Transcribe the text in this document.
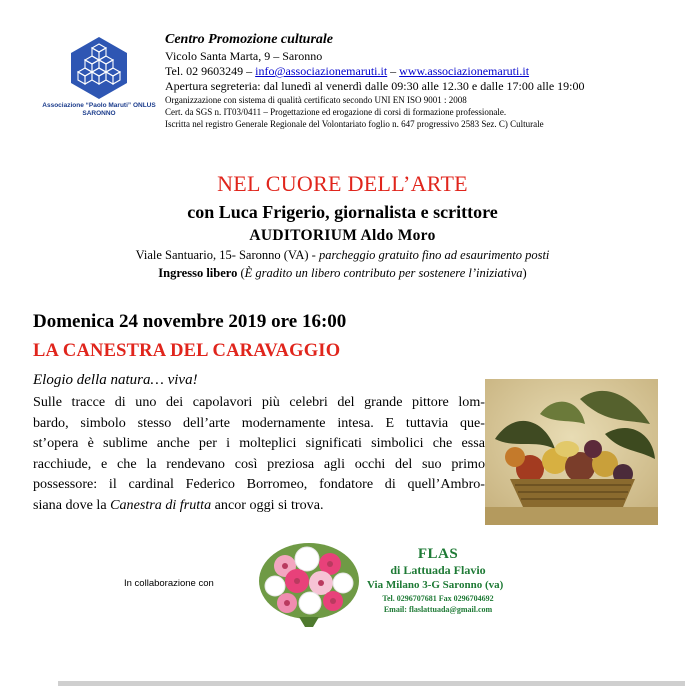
Associazione “Paolo Maruti” ONLUS
SARONNO
Centro Promozione culturale
Vicolo Santa Marta, 9 – Saronno
Tel. 02 9603249 – info@associazionemaruti.it – www.associazionemaruti.it
Apertura segreteria: dal lunedì al venerdì dalle 09:30 alle 12.30 e dalle 17:00 alle 19:00
Organizzazione con sistema di qualità certificato secondo UNI EN ISO 9001 : 2008
Cert. da SGS n. IT03/0411 – Progettazione ed erogazione di corsi di formazione professionale.
Iscritta nel registro Generale Regionale del Volontariato foglio n. 647 progressivo 2583 Sez. C) Culturale
NEL CUORE DELL’ARTE
con Luca Frigerio, giornalista e scrittore
AUDITORIUM Aldo Moro
Viale Santuario, 15- Saronno (VA) - parcheggio gratuito fino ad esaurimento posti
Ingresso libero (È gradito un libero contributo per sostenere l’iniziativa)
Domenica 24 novembre 2019 ore 16:00
LA CANESTRA DEL CARAVAGGIO
Elogio della natura… viva!
Sulle tracce di uno dei capolavori più celebri del grande pittore lom-
bardo, simbolo stesso dell’arte modernamente intesa. E tuttavia que-
st’opera è sublime anche per i molteplici significati simbolici che essa
racchiude, e che la rendevano così preziosa agli occhi del suo primo
possessore: il cardinal Federico Borromeo, fondatore di quell’Ambro-
siana dove la Canestra di frutta ancor oggi si trova.
In collaborazione con
FLAS
di Lattuada Flavio
Via Milano 3-G Saronno (va)
Tel. 0296707681 Fax 0296704692
Email: flaslattuada@gmail.com
